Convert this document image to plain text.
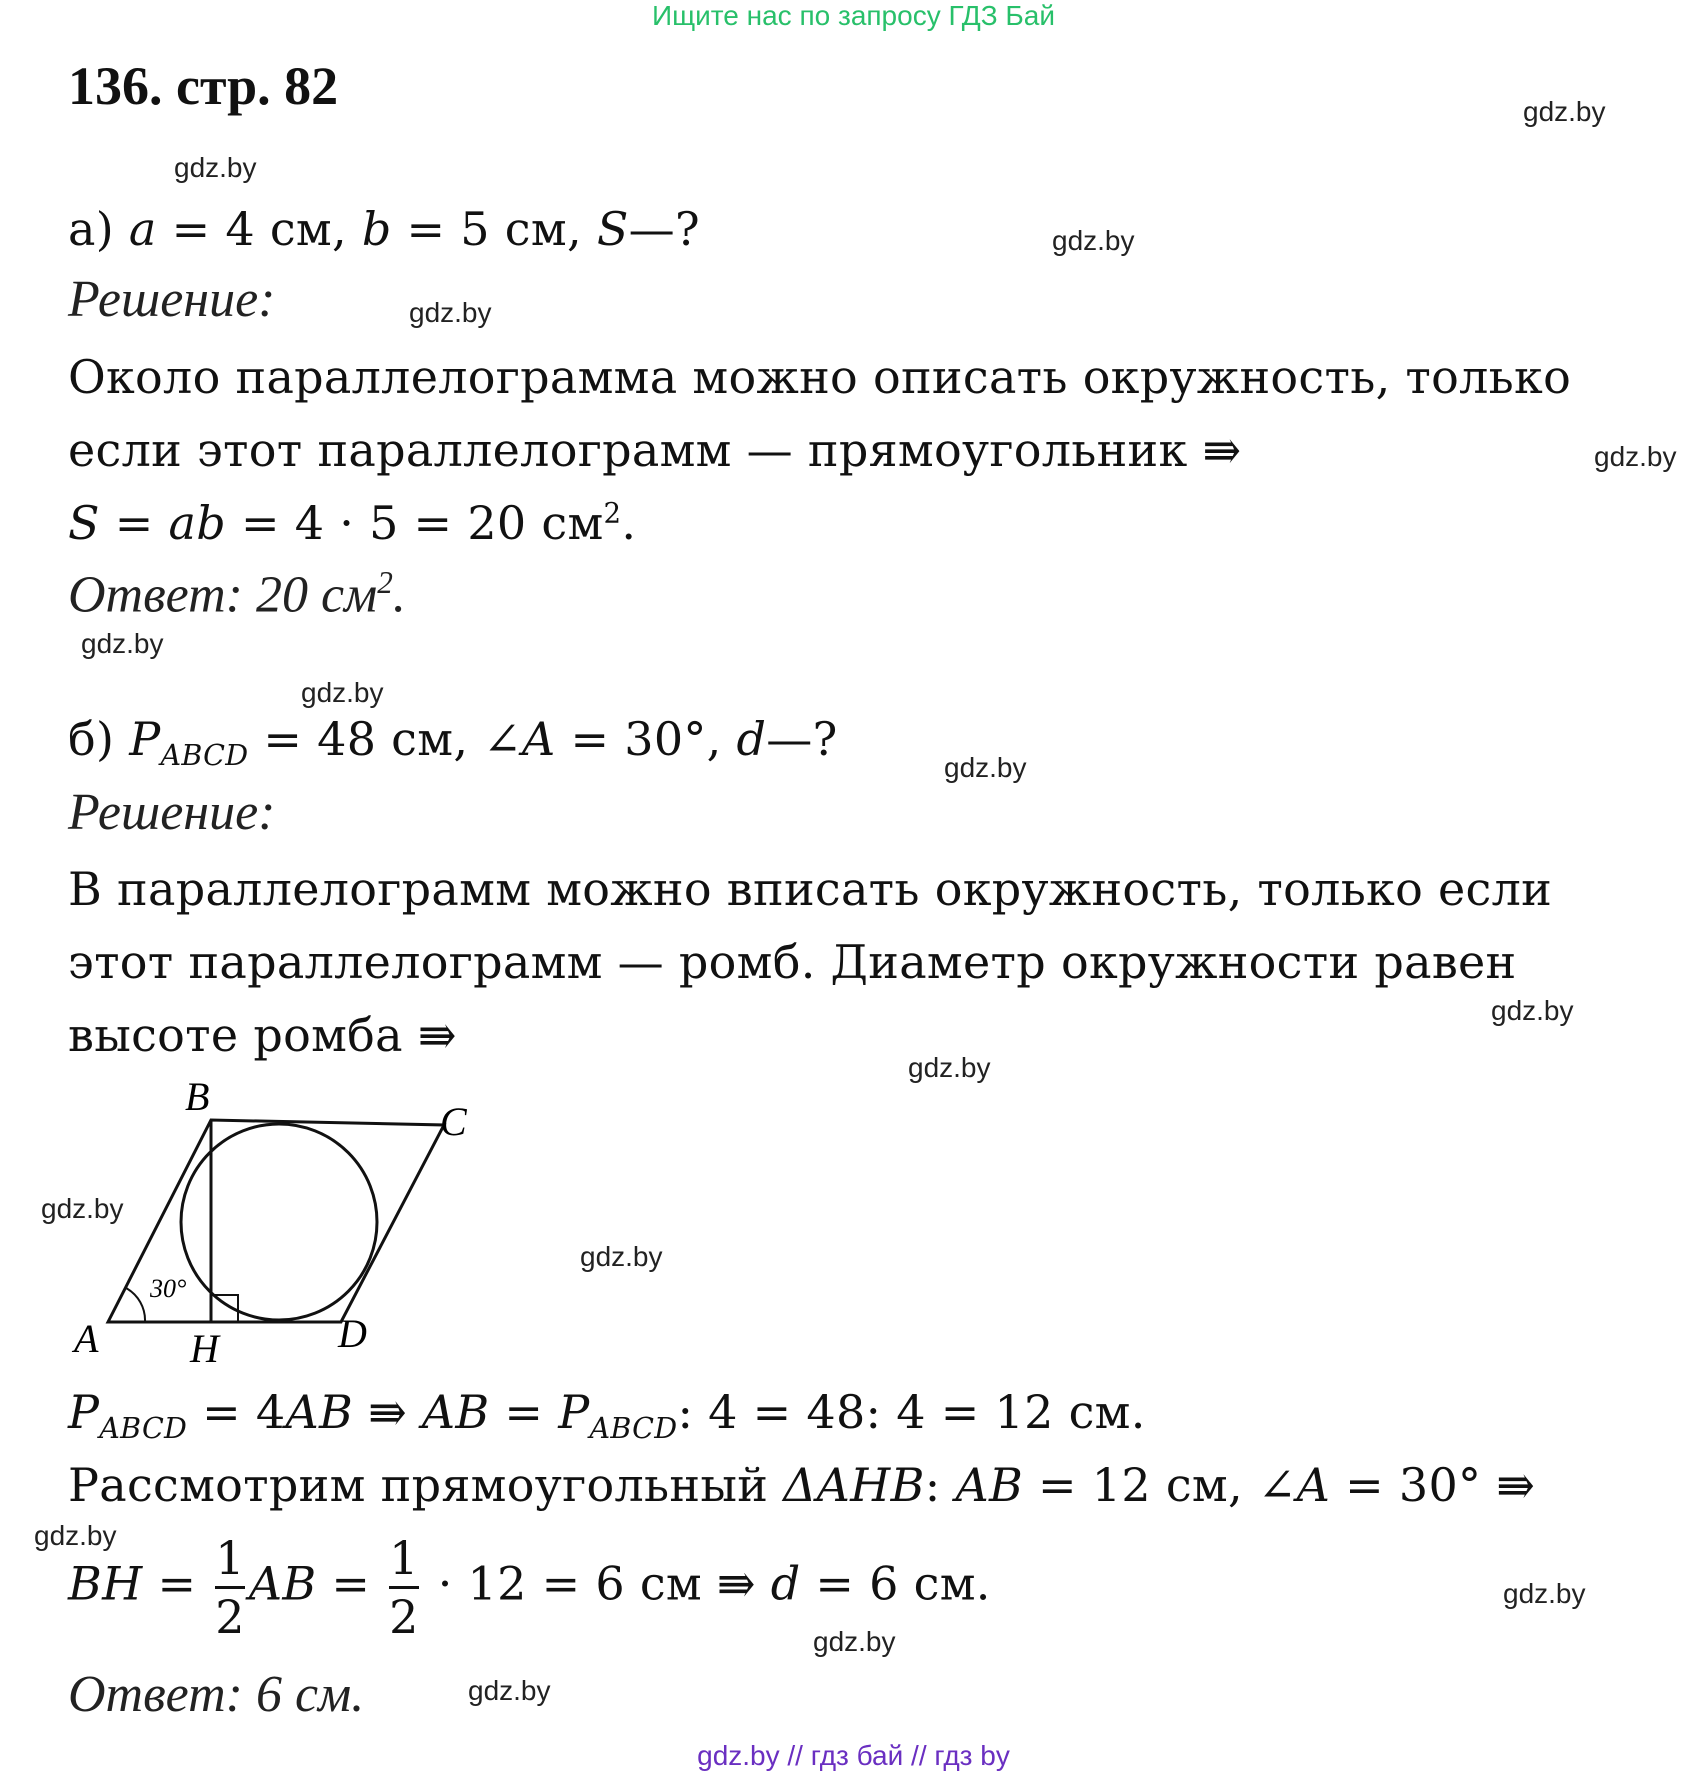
Ищите нас по запросу ГДЗ Бай
136. стр. 82	gdz.by
gdz.by
gdz.by
gdz.by
gdz.by
gdz.by
gdz.by
gdz.by
gdz.by
gdz.by
gdz.by
gdz.by
gdz.by
gdz.by
gdz.by
gdz.by
а) a = 4 см, b = 5 см, S—?
Решение:
Около параллелограмма можно описать окружность, только
если этот параллелограмм — прямоугольник ⇛
S = ab = 4 · 5 = 20 $см^2$.
Ответ: 20 $см^2$.
б) $P_{ABCD} = 48$ см, ∠A = 30°, d—?
Решение:
В параллелограмм можно вписать окружность, только если
этот параллелограмм — ромб. Диаметр окружности равен
высоте ромба ⇛
30°
B
C
A H	D
$P_{ABCD} = 4AB$ ⇛ AB = $P_{ABCD}$: 4 = 48: 4 = 12 см.
Рассмотрим прямоугольный ΔAHB: AB = 12 см, ∠A = 30° ⇛
BH = $\frac{1}{2}$ AB = $\frac{1}{2} \cdot 12 = 6$ см ⇛ d = 6 см.
Ответ: 6 см.
gdz.by // гдз бай // гдз by
